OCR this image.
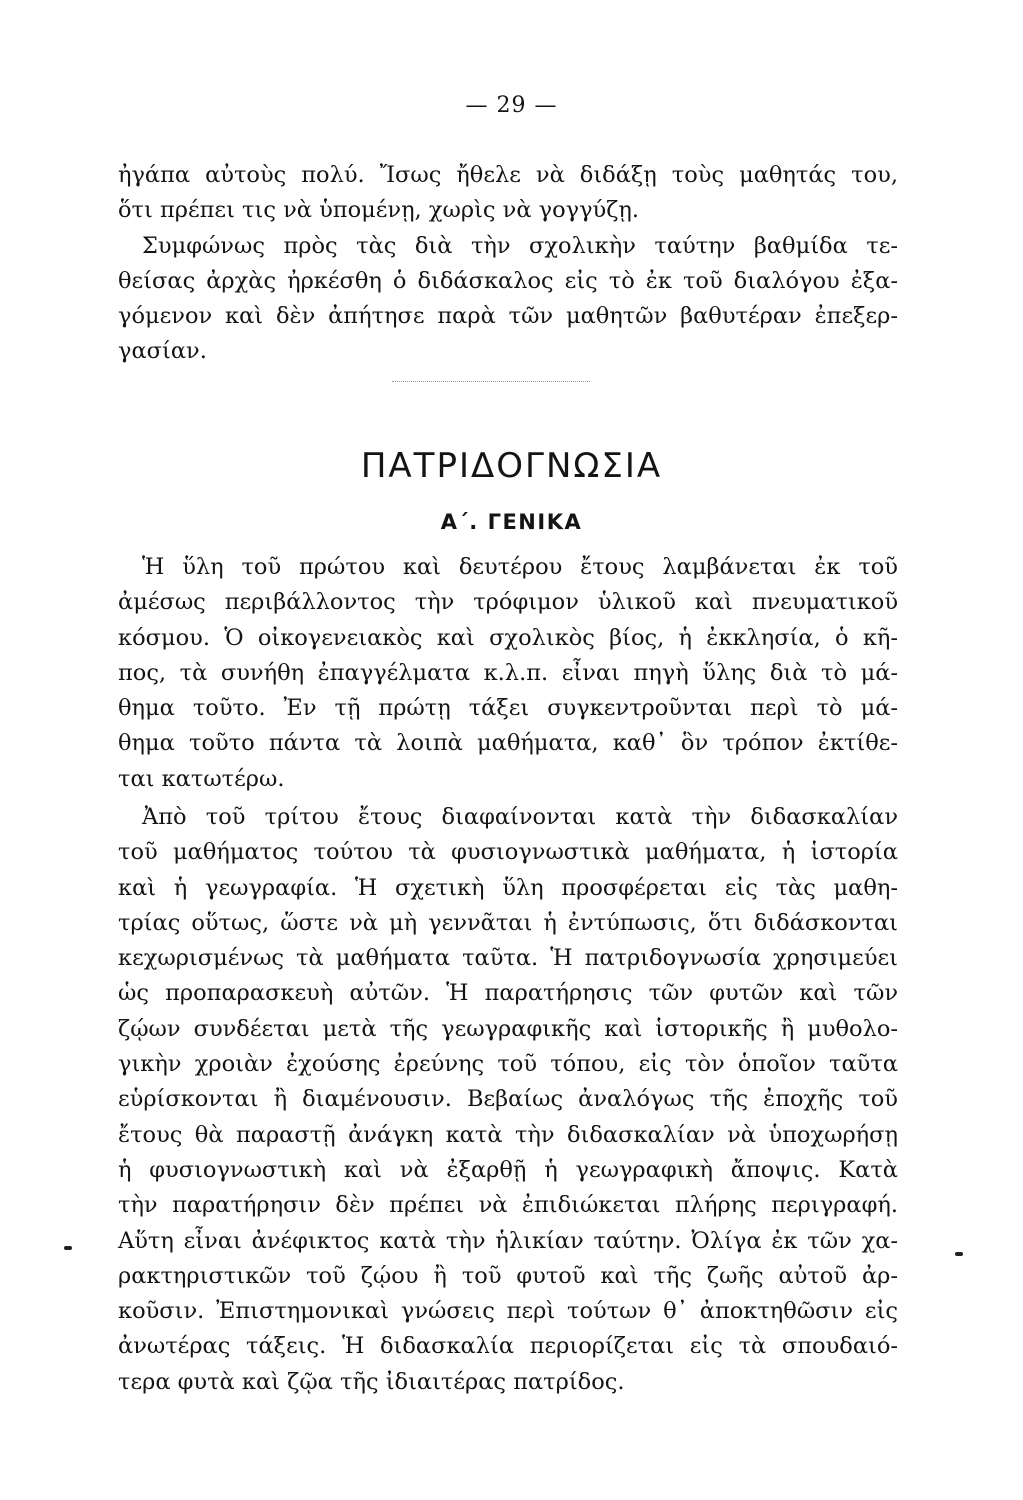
— 29 —
ἠγάπα αὐτοὺς πολύ. Ἴσως ἤθελε νὰ διδάξῃ τοὺς μαθητάς του,
ὅτι πρέπει τις νὰ ὑπομένῃ, χωρὶς νὰ γογγύζῃ.
Συμφώνως πρὸς τὰς διὰ τὴν σχολικὴν ταύτην βαθμίδα τε-
θείσας ἀρχὰς ἠρκέσθη ὁ διδάσκαλος εἰς τὸ ἐκ τοῦ διαλόγου ἐξα-
γόμενον καὶ δὲν ἀπήτησε παρὰ τῶν μαθητῶν βαθυτέραν ἐπεξερ-
γασίαν.
ΠΑΤΡΙΔΟΓΝΩΣΙΑ
Α΄. ΓΕΝΙΚΑ
Ἡ ὕλη τοῦ πρώτου καὶ δευτέρου ἔτους λαμβάνεται ἐκ τοῦ
ἀμέσως περιβάλλοντος τὴν τρόφιμον ὑλικοῦ καὶ πνευματικοῦ
κόσμου. Ὁ οἰκογενειακὸς καὶ σχολικὸς βίος, ἡ ἐκκλησία, ὁ κῆ-
πος, τὰ συνήθη ἐπαγγέλματα κ.λ.π. εἶναι πηγὴ ὕλης διὰ τὸ μά-
θημα τοῦτο. Ἐν τῇ πρώτῃ τάξει συγκεντροῦνται περὶ τὸ μά-
θημα τοῦτο πάντα τὰ λοιπὰ μαθήματα, καθ᾿ ὃν τρόπον ἐκτίθε-
ται κατωτέρω.
Ἀπὸ τοῦ τρίτου ἔτους διαφαίνονται κατὰ τὴν διδασκαλίαν
τοῦ μαθήματος τούτου τὰ φυσιογνωστικὰ μαθήματα, ἡ ἱστορία
καὶ ἡ γεωγραφία. Ἡ σχετικὴ ὕλη προσφέρεται εἰς τὰς μαθη-
τρίας οὕτως, ὥστε νὰ μὴ γεννᾶται ἡ ἐντύπωσις, ὅτι διδάσκονται
κεχωρισμένως τὰ μαθήματα ταῦτα. Ἡ πατριδογνωσία χρησιμεύει
ὡς προπαρασκευὴ αὐτῶν. Ἡ παρατήρησις τῶν φυτῶν καὶ τῶν
ζῴων συνδέεται μετὰ τῆς γεωγραφικῆς καὶ ἱστορικῆς ἢ μυθολο-
γικὴν χροιὰν ἐχούσης ἐρεύνης τοῦ τόπου, εἰς τὸν ὁποῖον ταῦτα
εὑρίσκονται ἢ διαμένουσιν. Βεβαίως ἀναλόγως τῆς ἐποχῆς τοῦ
ἔτους θὰ παραστῇ ἀνάγκη κατὰ τὴν διδασκαλίαν νὰ ὑποχωρήσῃ
ἡ φυσιογνωστικὴ καὶ νὰ ἐξαρθῇ ἡ γεωγραφικὴ ἄποψις. Κατὰ
τὴν παρατήρησιν δὲν πρέπει νὰ ἐπιδιώκεται πλήρης περιγραφή.
Αὕτη εἶναι ἀνέφικτος κατὰ τὴν ἡλικίαν ταύτην. Ὀλίγα ἐκ τῶν χα-
ρακτηριστικῶν τοῦ ζῴου ἢ τοῦ φυτοῦ καὶ τῆς ζωῆς αὐτοῦ ἀρ-
κοῦσιν. Ἐπιστημονικαὶ γνώσεις περὶ τούτων θ᾿ ἀποκτηθῶσιν εἰς
ἀνωτέρας τάξεις. Ἡ διδασκαλία περιορίζεται εἰς τὰ σπουδαιό-
τερα φυτὰ καὶ ζῷα τῆς ἰδιαιτέρας πατρίδος.
